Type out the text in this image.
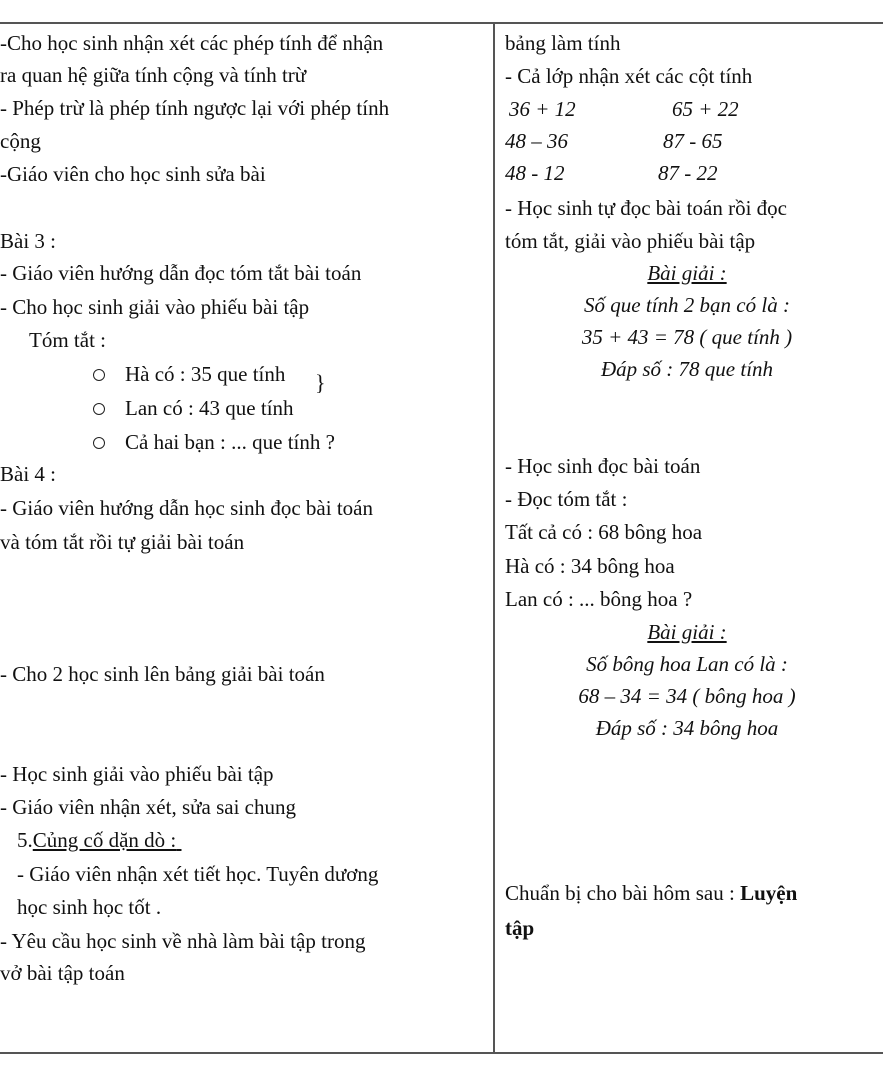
-Cho học sinh nhận xét các phép tính để nhận
ra quan hệ giữa tính cộng và tính trừ
- Phép trừ là phép tính ngược lại với phép tính
cộng
-Giáo viên cho học sinh sửa bài
Bài 3 :
- Giáo viên hướng dẫn đọc tóm tắt bài toán
- Cho học sinh giải vào phiếu bài tập
Tóm tắt :
Hà có : 35 que tính
Lan có : 43 que tính
Cả hai bạn : ... que tính ?
}
Bài 4 :
- Giáo viên hướng dẫn học sinh đọc bài toán
và tóm tắt rồi tự giải bài toán
- Cho 2 học sinh lên bảng giải bài toán
- Học sinh giải vào phiếu bài tập
- Giáo viên nhận xét, sửa sai chung
5.Củng cố dặn dò :
- Giáo viên nhận xét tiết học. Tuyên dương
học sinh học tốt .
- Yêu cầu học sinh về nhà làm bài tập trong
vở bài tập toán
bảng làm tính
- Cả lớp nhận xét các cột tính
36 + 12	65 + 22
48 – 36	87 - 65
48 - 12	87 - 22
- Học sinh tự đọc bài toán rồi đọc
tóm tắt, giải vào phiếu bài tập
Bài giải :
Số que tính 2 bạn có là :
35 + 43 = 78 ( que tính )
Đáp số : 78 que tính
- Học sinh đọc bài toán
- Đọc tóm tắt :
Tất cả có : 68 bông hoa
Hà có : 34 bông hoa
Lan có : ... bông hoa ?
Bài giải :
Số bông hoa Lan có là :
68 – 34 = 34 ( bông hoa )
Đáp số : 34 bông hoa
Chuẩn bị cho bài hôm sau : Luyện
tập
